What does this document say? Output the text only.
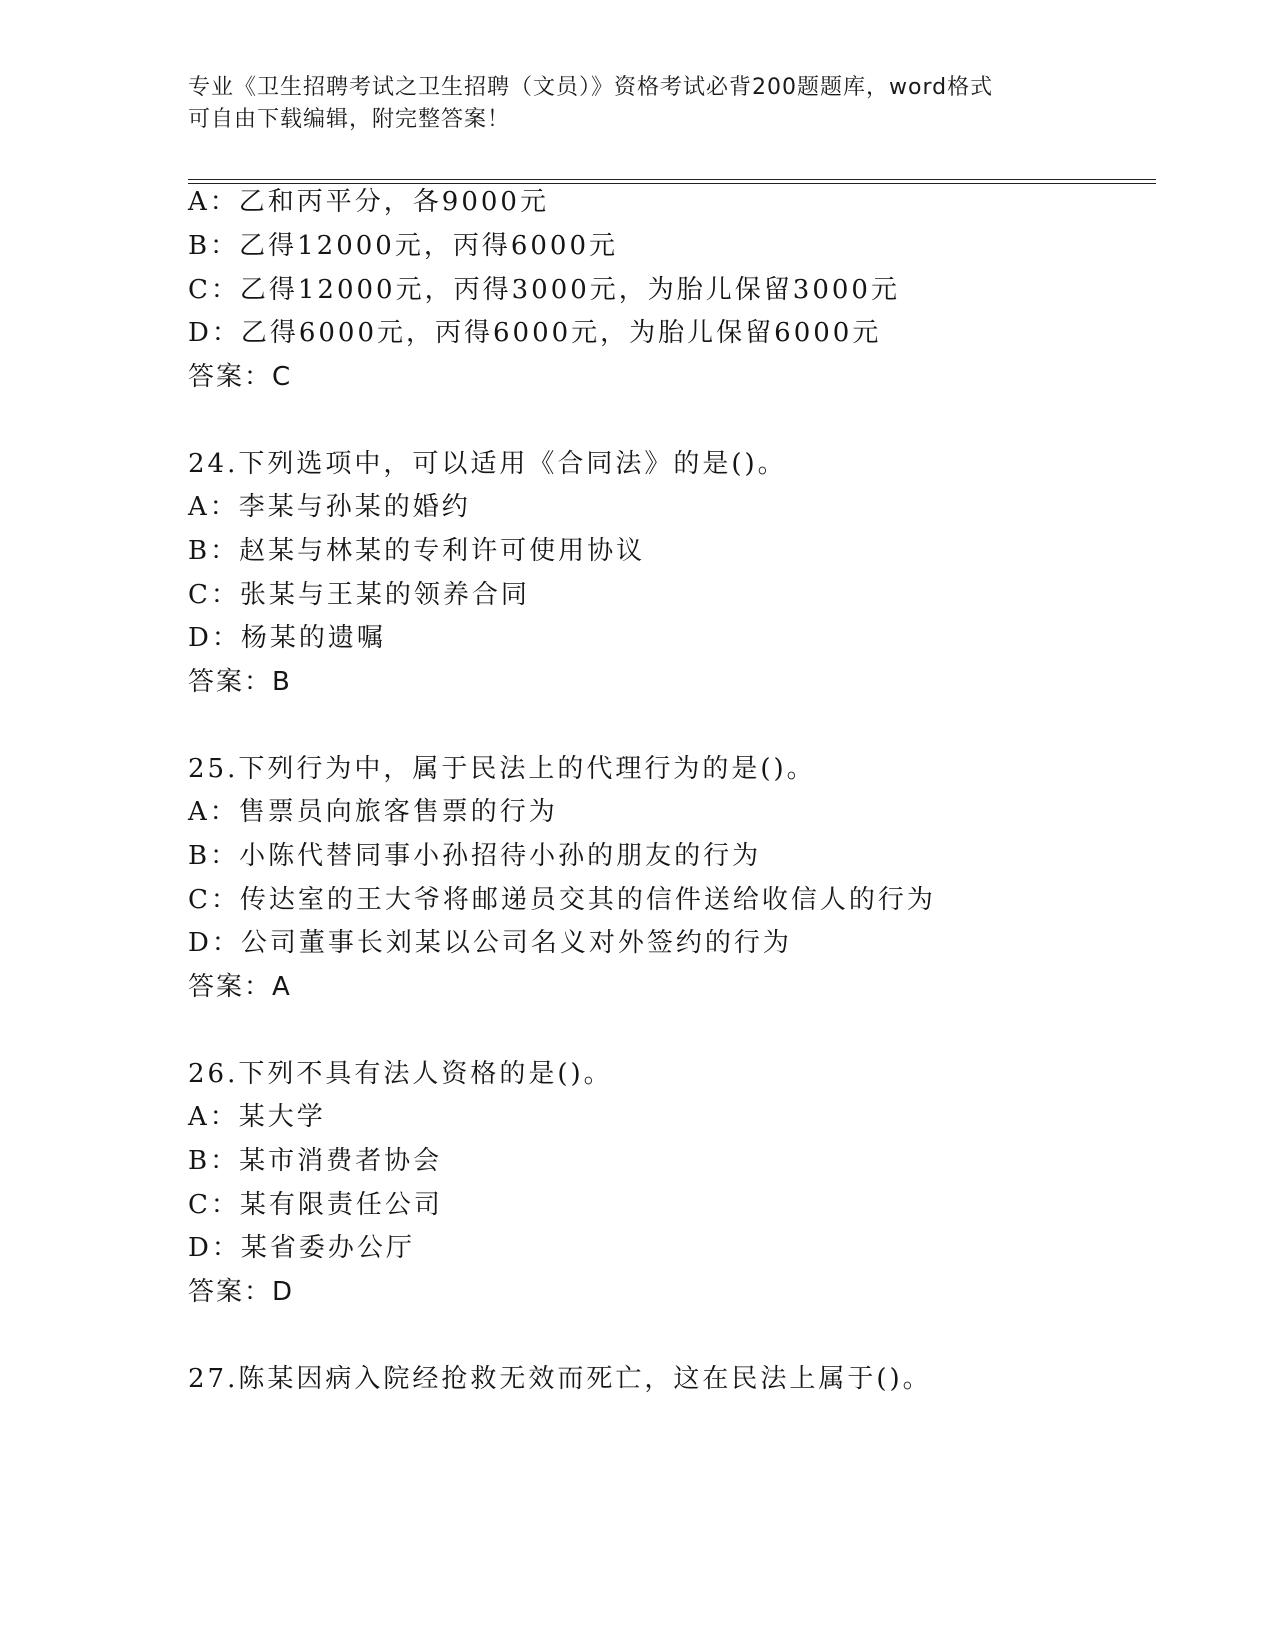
专业《卫生招聘考试之卫生招聘（文员）》资格考试必背200题题库，word格式
可自由下载编辑，附完整答案！
A：乙和丙平分，各9000元
B：乙得12000元，丙得6000元
C：乙得12000元，丙得3000元，为胎儿保留3000元
D：乙得6000元，丙得6000元，为胎儿保留6000元
答案：C
24.下列选项中，可以适用《合同法》的是()。
A：李某与孙某的婚约
B：赵某与林某的专利许可使用协议
C：张某与王某的领养合同
D：杨某的遗嘱
答案：B
25.下列行为中，属于民法上的代理行为的是()。
A：售票员向旅客售票的行为
B：小陈代替同事小孙招待小孙的朋友的行为
C：传达室的王大爷将邮递员交其的信件送给收信人的行为
D：公司董事长刘某以公司名义对外签约的行为
答案：A
26.下列不具有法人资格的是()。
A：某大学
B：某市消费者协会
C：某有限责任公司
D：某省委办公厅
答案：D
27.陈某因病入院经抢救无效而死亡，这在民法上属于()。
